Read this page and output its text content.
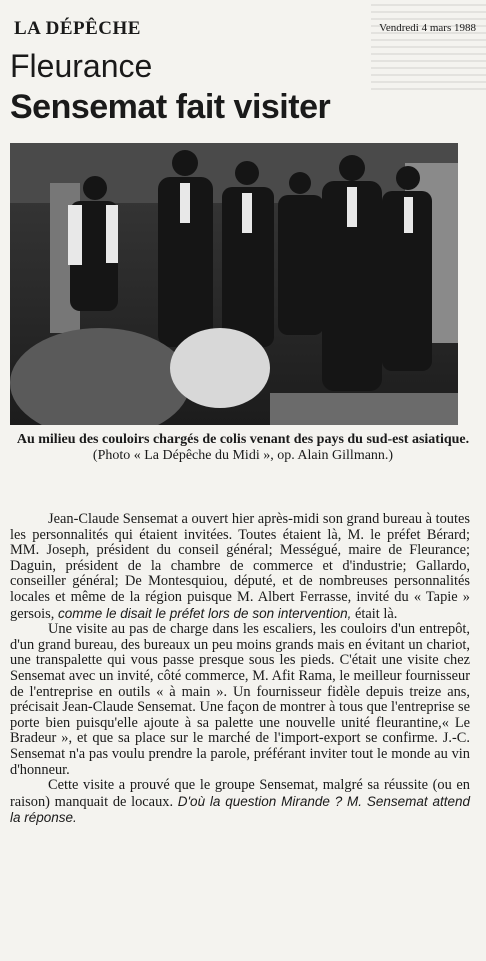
LA DÉPÊCHE	Vendredi 4 mars 1988
Fleurance
Sensemat fait visiter
Au milieu des couloirs chargés de colis venant des pays du sud-est asiatique.
(Photo « La Dépêche du Midi », op. Alain Gillmann.)

Jean-Claude Sensemat a ouvert hier après-midi son grand bureau à toutes les personnalités qui étaient invitées. Toutes étaient là, M. le préfet Bérard; MM. Joseph, président du conseil général; Mességué, maire de Fleurance; Daguin, président de la chambre de commerce et d'industrie; Gallardo, conseiller général; De Montesquiou, député, et de nombreuses personnalités locales et même de la région puisque M. Albert Ferrasse, invité du « Tapie » gersois, comme le disait le préfet lors de son intervention, était là.

Une visite au pas de charge dans les escaliers, les couloirs d'un entrepôt, d'un grand bureau, des bureaux un peu moins grands mais en évitant un chariot, une transpalette qui vous passe presque sous les pieds. C'était une visite chez Sensemat avec un invité, côté commerce, M. Afit Rama, le meilleur fournisseur de l'entreprise en outils « à main ». Un fournisseur fidèle depuis treize ans, précisait Jean-Claude Sensemat. Une façon de montrer à tous que l'entreprise se porte bien puisqu'elle ajoute à sa palette une nouvelle unité fleurantine,« Le Bradeur », et que sa place sur le marché de l'import-export se confirme. J.-C. Sensemat n'a pas voulu prendre la parole, préférant inviter tout le monde au vin d'honneur.

Cette visite a prouvé que le groupe Sensemat, malgré sa réussite (ou en raison) manquait de locaux. D'où la question Mirande ? M. Sensemat attend la réponse.
